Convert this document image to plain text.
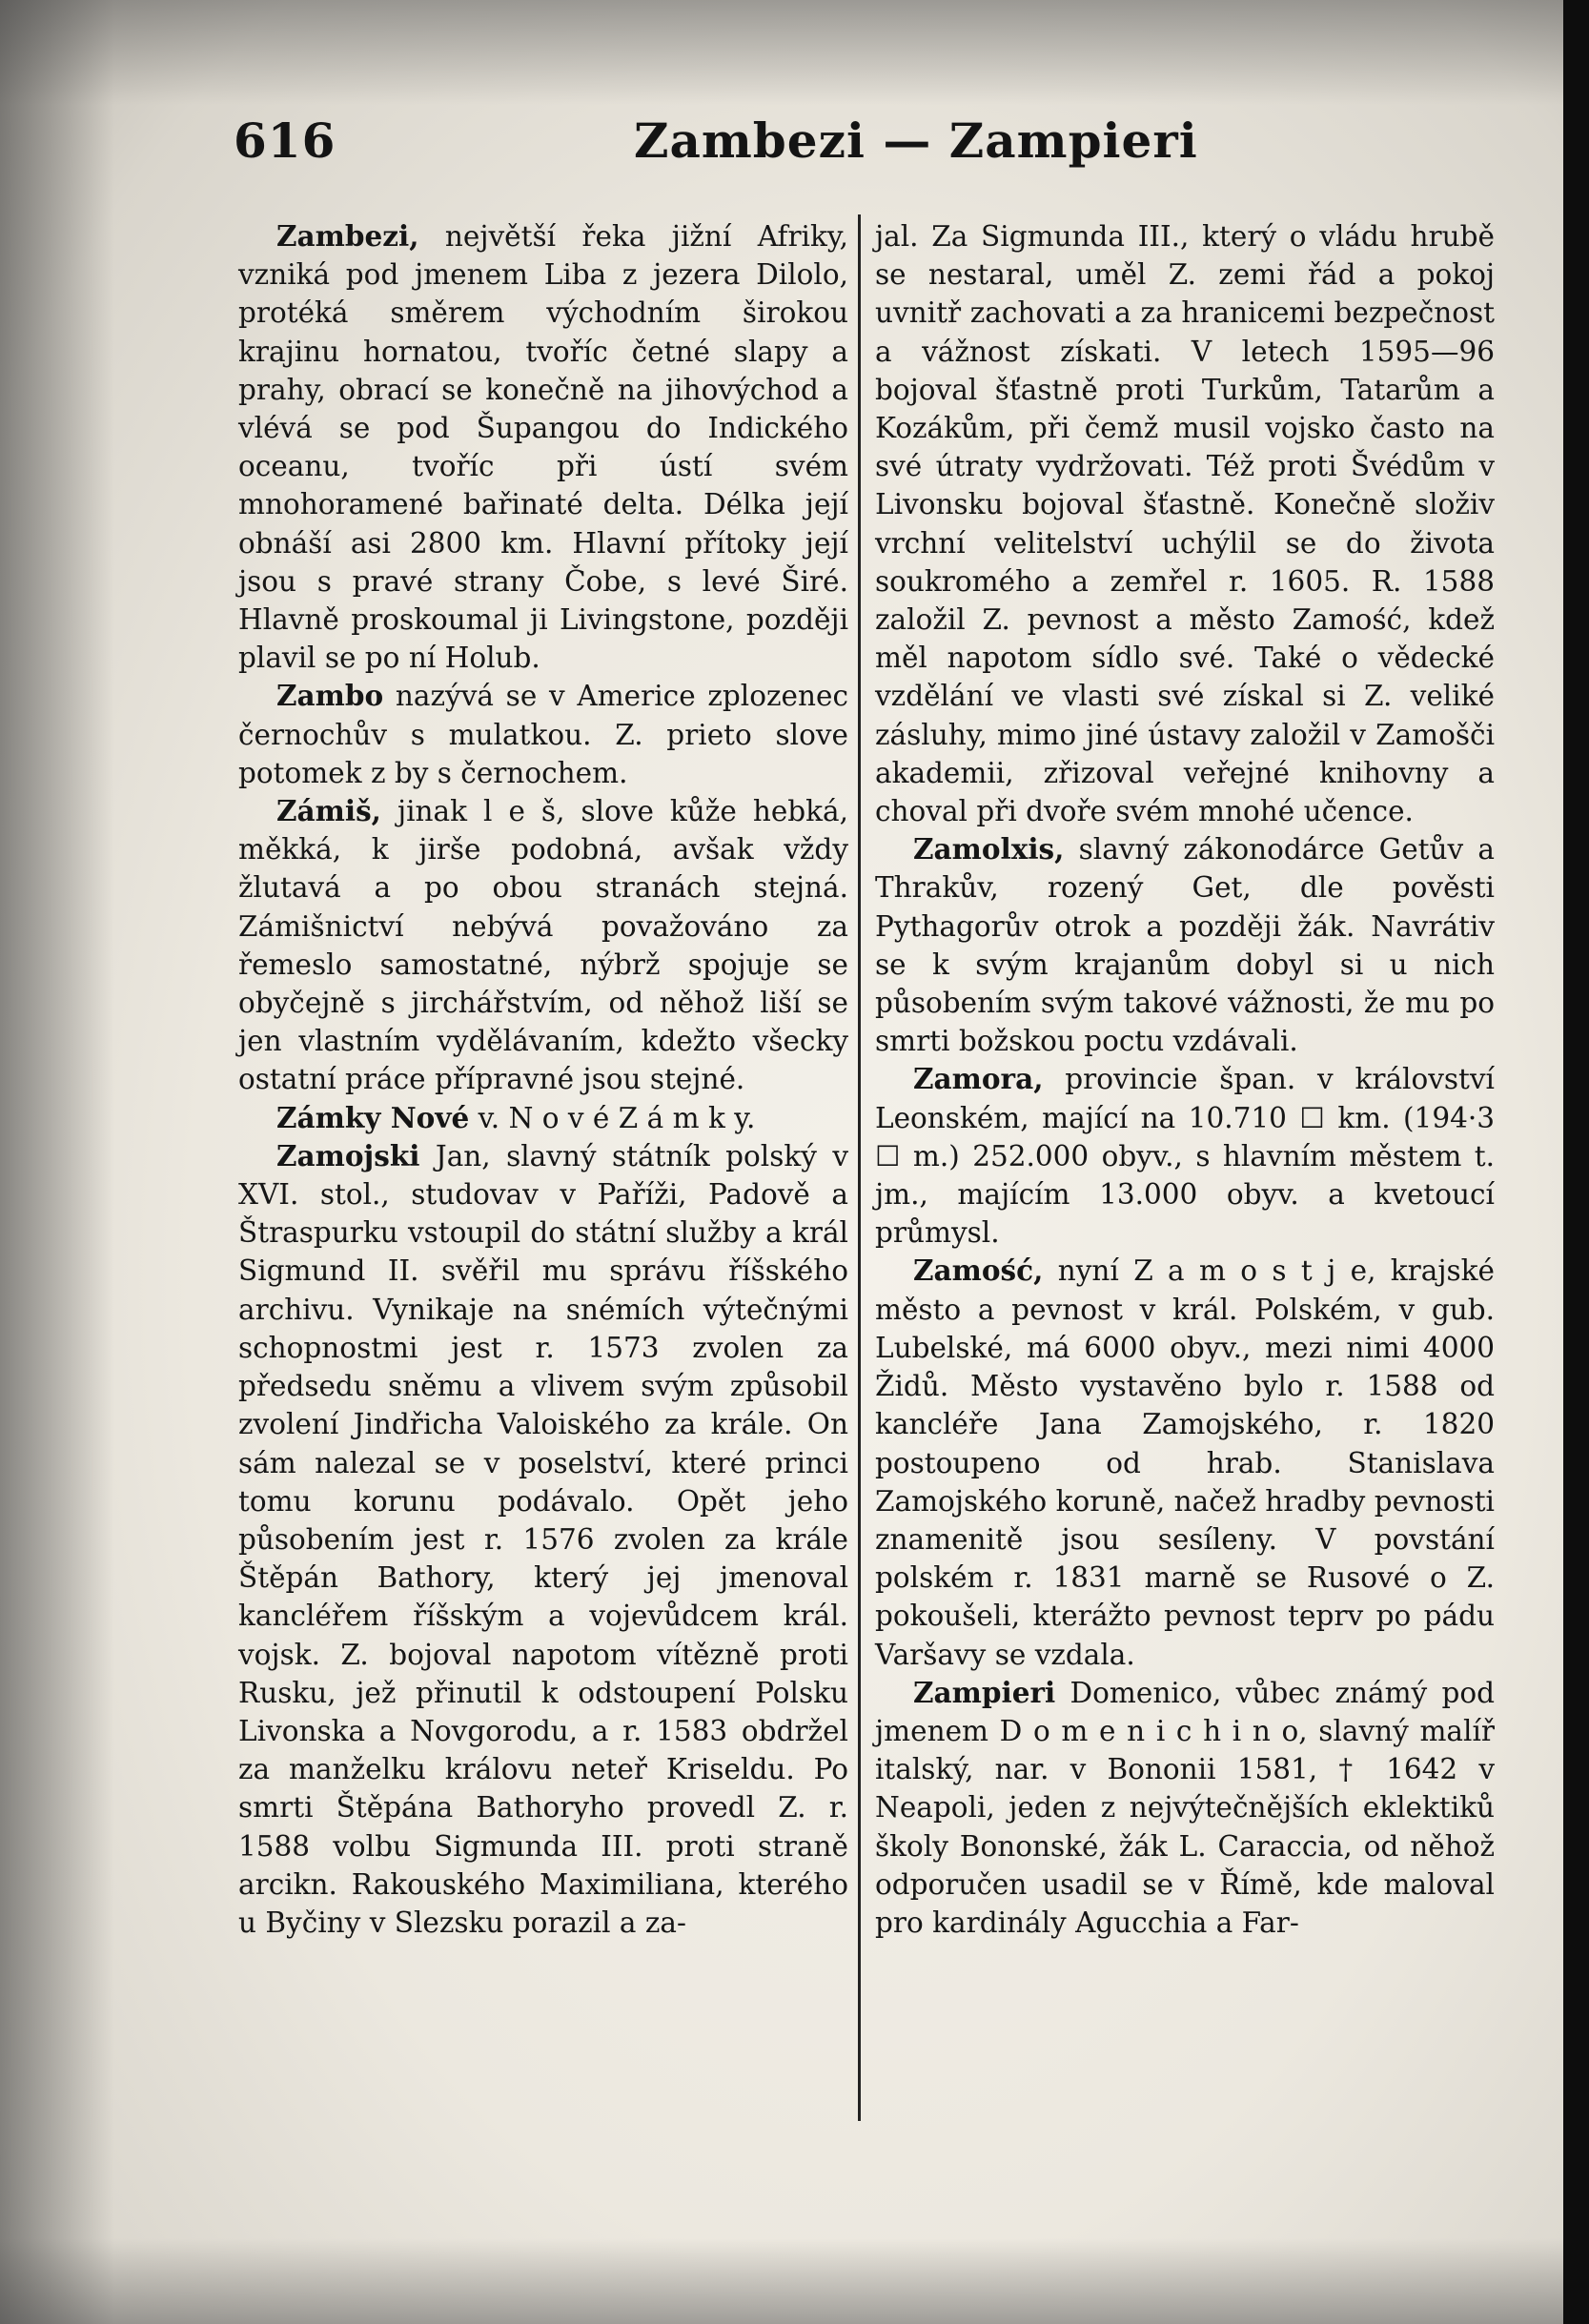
616	Zambezi — Zampieri

Zambezi, největší řeka jižní Afriky, vzniká pod jmenem Liba z jezera Dilolo, protéká směrem východním širokou krajinu hornatou, tvoříc četné slapy a prahy, obrací se konečně na jihovýchod a vlévá se pod Šupangou do Indického oceanu, tvoříc při ústí svém mnohoramené bařinaté delta. Délka její obnáší asi 2800 km. Hlavní přítoky její jsou s pravé strany Čobe, s levé Širé. Hlavně proskoumal ji Livingstone, později plavil se po ní Holub.

Zambo nazývá se v Americe zplozenec černochův s mulatkou. Z. prieto slove potomek z by s černochem.

Zámiš, jinak l e š, slove kůže hebká, měkká, k jirše podobná, avšak vždy žlutavá a po obou stranách stejná. Zámišnictví nebývá považováno za řemeslo samostatné, nýbrž spojuje se obyčejně s jirchářstvím, od něhož liší se jen vlastním vydělávaním, kdežto všecky ostatní práce přípravné jsou stejné.

Zámky Nové v. N o v é Z á m k y.

Zamojski Jan, slavný státník polský v XVI. stol., studovav v Paříži, Padově a Štraspurku vstoupil do státní služby a král Sigmund II. svěřil mu správu říšského archivu. Vynikaje na snémích výtečnými schopnostmi jest r. 1573 zvolen za předsedu sněmu a vlivem svým způsobil zvolení Jindřicha Valoiského za krále. On sám nalezal se v poselství, které princi tomu korunu podávalo. Opět jeho působením jest r. 1576 zvolen za krále Štěpán Bathory, který jej jmenoval kancléřem říšským a vojevůdcem král. vojsk. Z. bojoval napotom vítězně proti Rusku, jež přinutil k odstoupení Polsku Livonska a Novgorodu, a r. 1583 obdržel za manželku královu neteř Kriseldu. Po smrti Štěpána Bathoryho provedl Z. r. 1588 volbu Sigmunda III. proti straně arcikn. Rakouského Maximiliana, kterého u Byčiny v Slezsku porazil a za-

jal. Za Sigmunda III., který o vládu hrubě se nestaral, uměl Z. zemi řád a pokoj uvnitř zachovati a za hranicemi bezpečnost a vážnost získati. V letech 1595—96 bojoval šťastně proti Turkům, Tatarům a Kozákům, při čemž musil vojsko často na své útraty vydržovati. Též proti Švédům v Livonsku bojoval šťastně. Konečně složiv vrchní velitelství uchýlil se do života soukromého a zemřel r. 1605. R. 1588 založil Z. pevnost a město Zamość, kdež měl napotom sídlo své. Také o vědecké vzdělání ve vlasti své získal si Z. veliké zásluhy, mimo jiné ústavy založil v Zamošči akademii, zřizoval veřejné knihovny a choval při dvoře svém mnohé učence.

Zamolxis, slavný zákonodárce Getův a Thrakův, rozený Get, dle pověsti Pythagorův otrok a později žák. Navrátiv se k svým krajanům dobyl si u nich působením svým takové vážnosti, že mu po smrti božskou poctu vzdávali.

Zamora, provincie špan. v království Leonském, mající na 10.710 ☐ km. (194·3 ☐ m.) 252.000 obyv., s hlavním městem t. jm., majícím 13.000 obyv. a kvetoucí průmysl.

Zamość, nyní Z a m o s t j e, krajské město a pevnost v král. Polském, v gub. Lubelské, má 6000 obyv., mezi nimi 4000 Židů. Město vystavěno bylo r. 1588 od kancléře Jana Zamojského, r. 1820 postoupeno od hrab. Stanislava Zamojského koruně, načež hradby pevnosti znamenitě jsou sesíleny. V povstání polském r. 1831 marně se Rusové o Z. pokoušeli, kterážto pevnost teprv po pádu Varšavy se vzdala.

Zampieri Domenico, vůbec známý pod jmenem D o m e n i c h i n o, slavný malíř italský, nar. v Bononii 1581, † 1642 v Neapoli, jeden z nejvýtečnějších eklektiků školy Bononské, žák L. Caraccia, od něhož odporučen usadil se v Římě, kde maloval pro kardinály Agucchia a Far-
